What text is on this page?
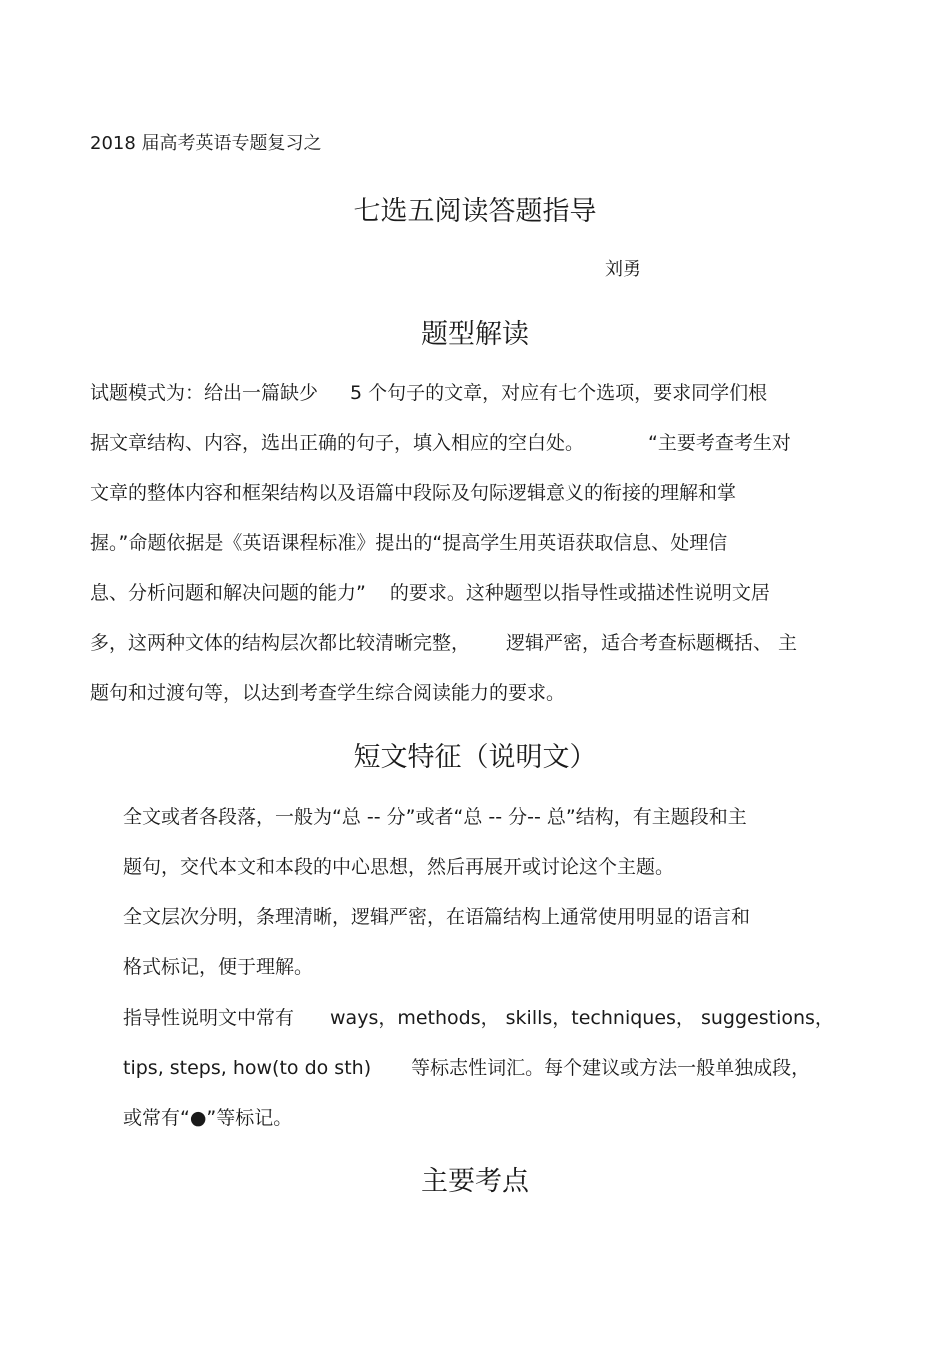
2018 届高考英语专题复习之
七选五阅读答题指导
刘勇
题型解读
试题模式为：给出一篇缺少 5 个句子的文章，对应有七个选项，要求同学们根
据文章结构、内容，选出正确的句子，填入相应的空白处。	“主要考查考生对
文章的整体内容和框架结构以及语篇中段际及句际逻辑意义的衔接的理解和掌
握。”命题依据是《英语课程标准》提出的“提高学生用英语获取信息、处理信
息、分析问题和解决问题的能力” 的要求。这种题型以指导性或描述性说明文居
多，这两种文体的结构层次都比较清晰完整， 逻辑严密，适合考查标题概括、 主
题句和过渡句等，以达到考查学生综合阅读能力的要求。
短文特征（说明文）
全文或者各段落，一般为“总 -- 分”或者“总 -- 分-- 总”结构，有主题段和主
题句，交代本文和本段的中心思想，然后再展开或讨论这个主题。
全文层次分明，条理清晰，逻辑严密，在语篇结构上通常使用明显的语言和
格式标记，便于理解。
指导性说明文中常有 ways，methods， skills，techniques， suggestions，
tips, steps, how(to do sth) 等标志性词汇。每个建议或方法一般单独成段，
或常有“●”等标记。
主要考点
